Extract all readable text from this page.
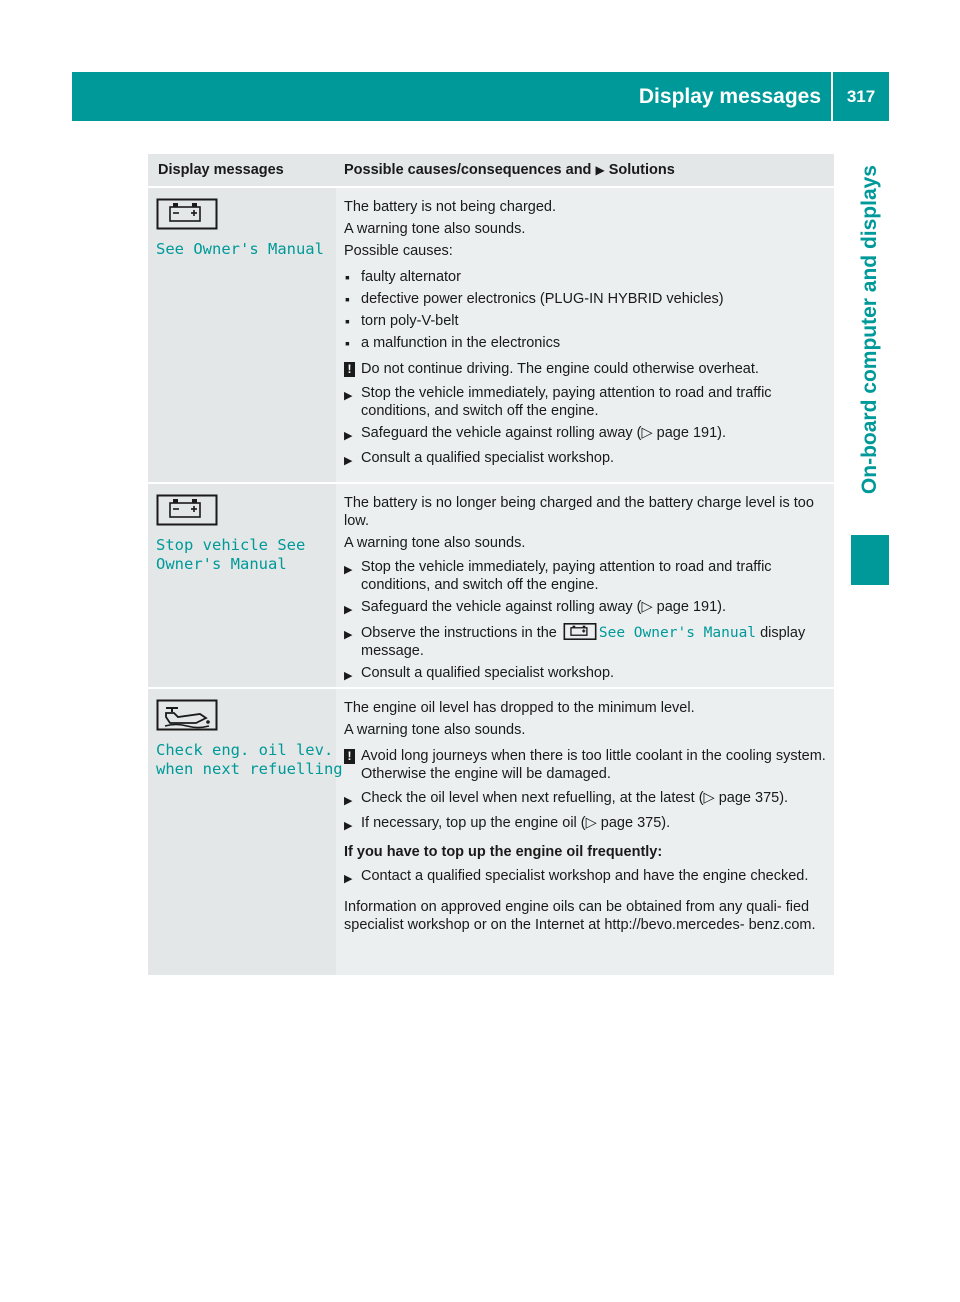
Display messages	317
On-board computer and displays
Display messages	Possible causes/consequences and ▶ Solutions
See Owner's Manual

The battery is not being charged.

A warning tone also sounds.

Possible causes:

▪ faulty alternator
▪ defective power electronics (PLUG-IN HYBRID vehicles)
▪ torn poly-V-belt
▪ a malfunction in the electronics
! Do not continue driving. The engine could otherwise overheat.
▶ Stop the vehicle immediately, paying attention to road and traffic conditions, and switch off the engine.
▶ Safeguard the vehicle against rolling away (▷ page 191).
▶ Consult a qualified specialist workshop.
Stop vehicle See
Owner's Manual

The battery is no longer being charged and the battery charge level is too low.

A warning tone also sounds.

▶ Stop the vehicle immediately, paying attention to road and traffic conditions, and switch off the engine.
▶ Safeguard the vehicle against rolling away (▷ page 191).
▶ Observe the instructions in the	See Owner's Manual display message.
▶ Consult a qualified specialist workshop.
Check eng. oil lev.
when next refuelling

The engine oil level has dropped to the minimum level.

A warning tone also sounds.

! Avoid long journeys when there is too little coolant in the cooling system. Otherwise the engine will be damaged.
▶ Check the oil level when next refuelling, at the latest (▷ page 375).
▶ If necessary, top up the engine oil (▷ page 375).

If you have to top up the engine oil frequently:

▶ Contact a qualified specialist workshop and have the engine checked.

Information on approved engine oils can be obtained from any quali- fied specialist workshop or on the Internet at http://bevo.mercedes- benz.com.
